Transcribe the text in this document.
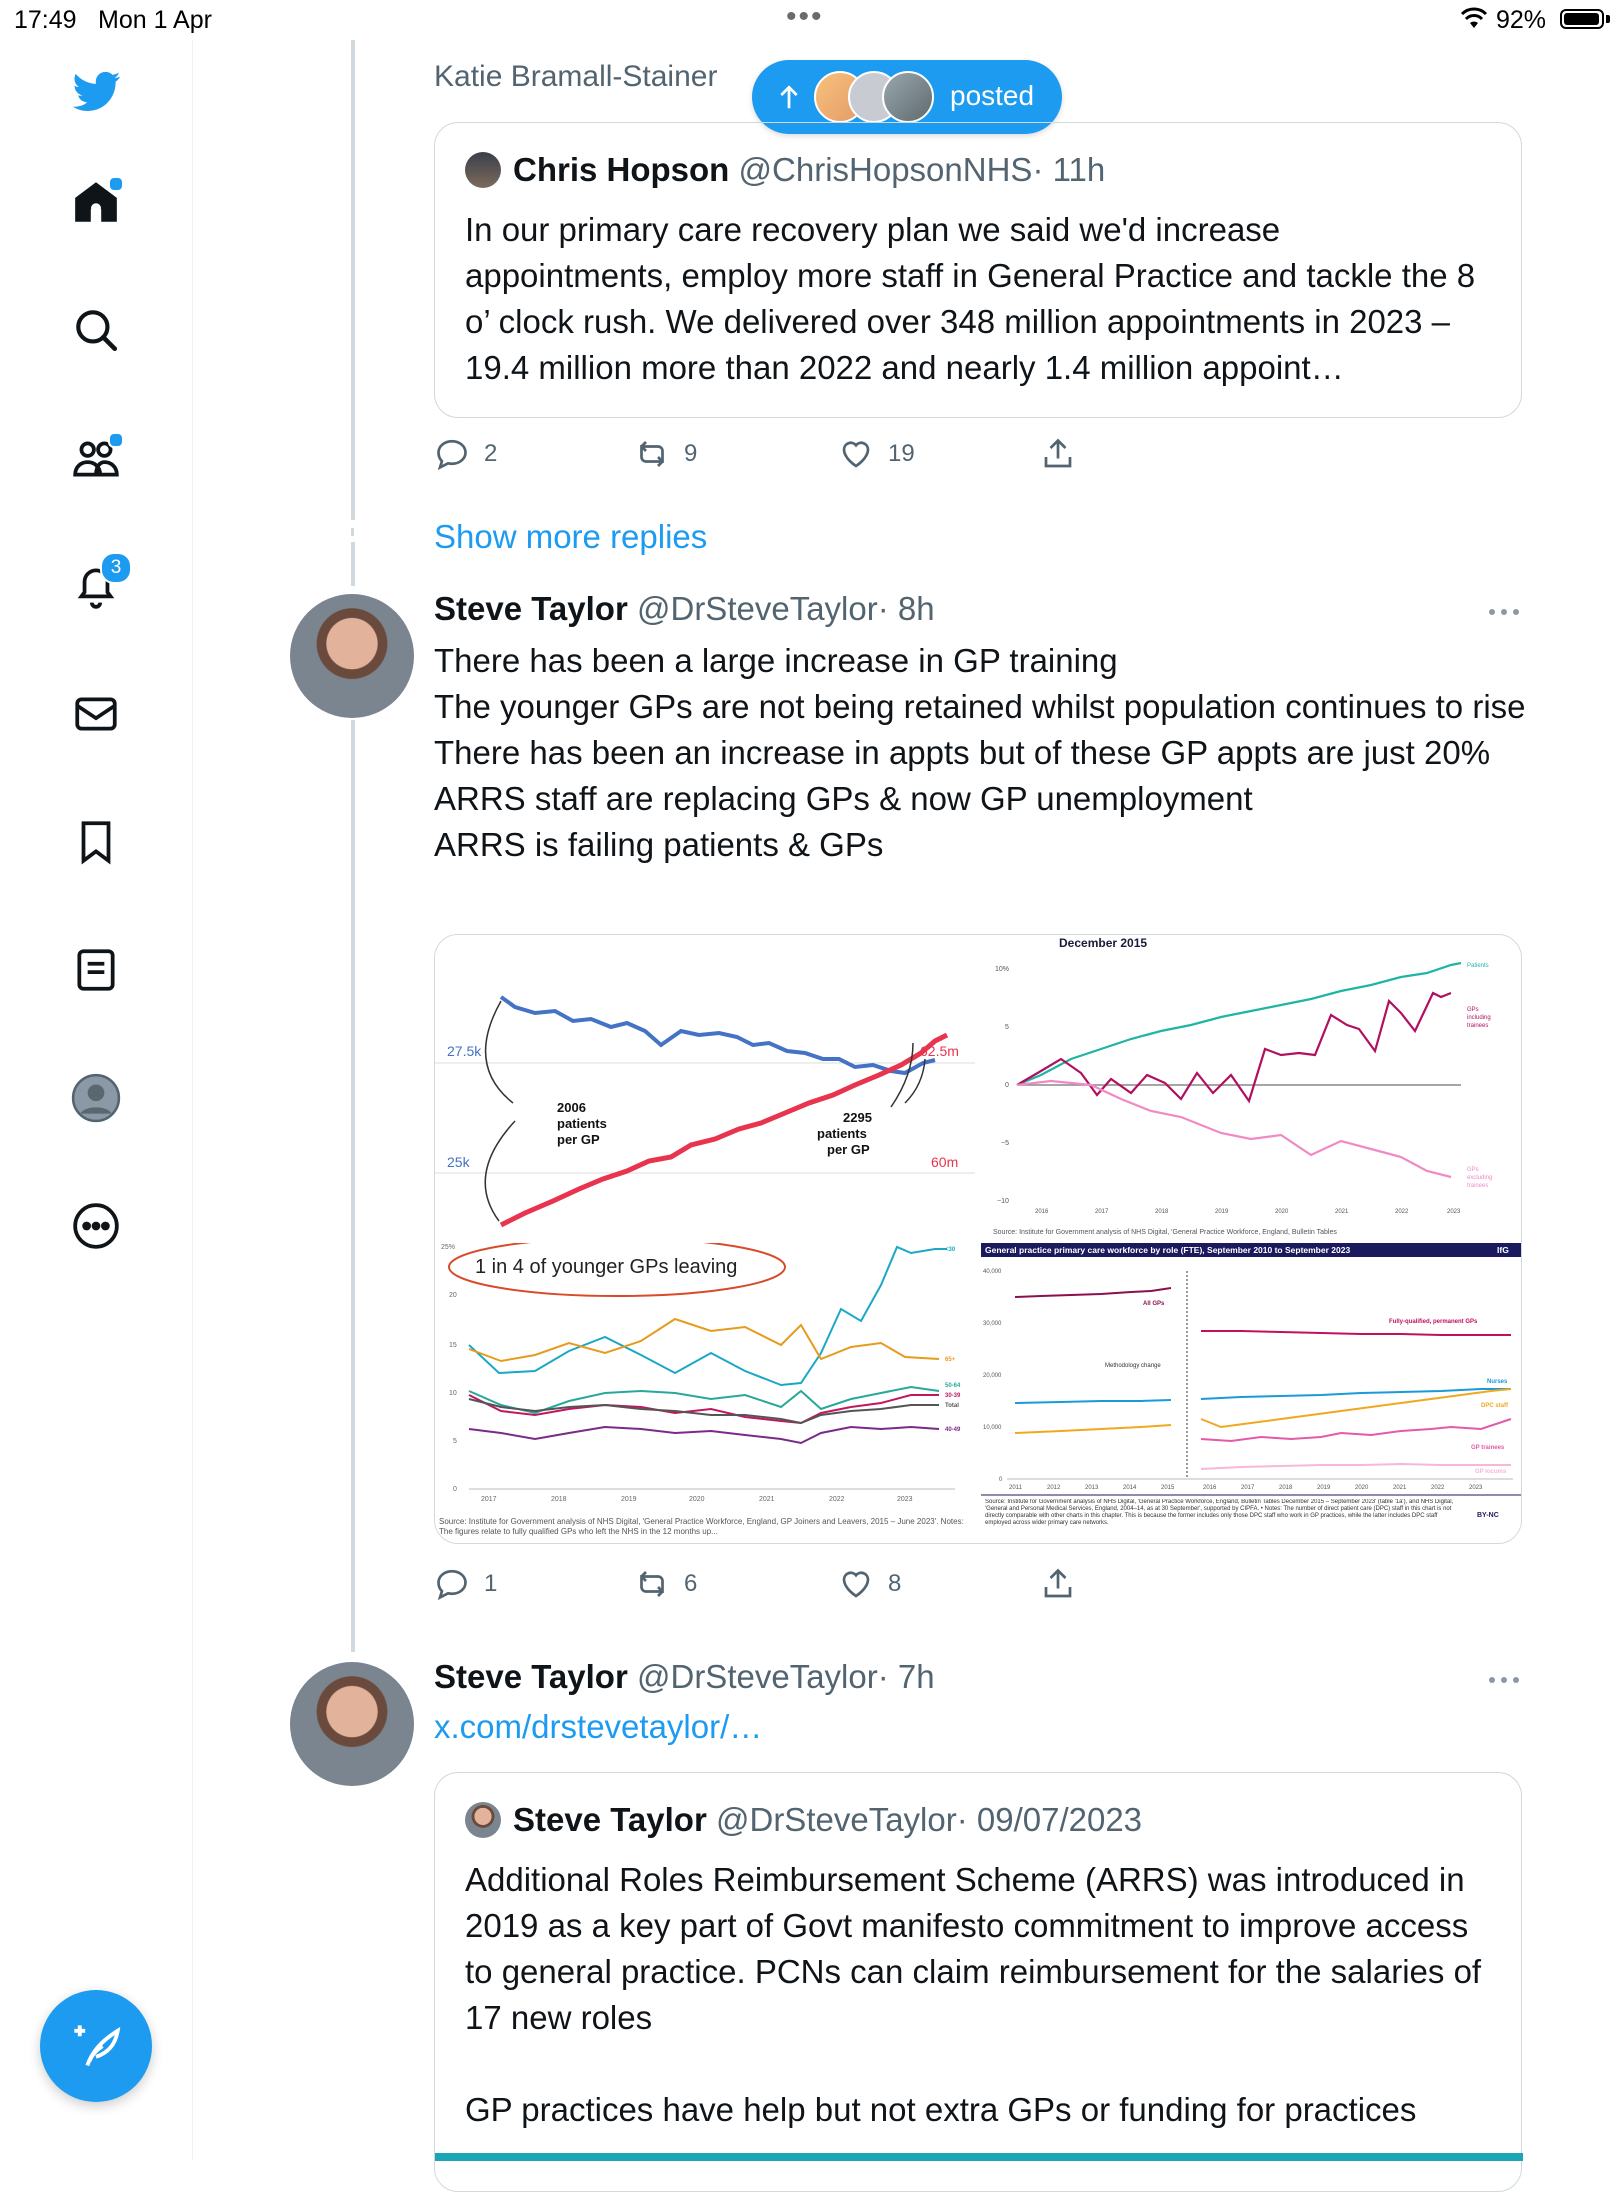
17:49 Mon 1 Apr	•••	92%
3
Katie Bramall-Stainer
posted
Chris Hopson @ChrisHopsonNHS· 11h
In our primary care recovery plan we said we'd increase appointments, employ more staff in General Practice and tackle the 8 o’ clock rush. We delivered over 348 million appointments in 2023 – 19.4 million more than 2022 and nearly 1.4 million appoint…
2	9	19
Show more replies
Steve Taylor @DrSteveTaylor· 8h
There has been a large increase in GP training
The younger GPs are not being retained whilst population continues to rise
There has been an increase in appts but of these GP appts are just 20%
ARRS staff are replacing GPs & now GP unemployment
ARRS is failing patients & GPs
27.5k
25k
62.5m
60m
2006 patients per GP
2295 patients per GP
December 2015
10%
5
0
−5
−10
Patients
GPs including trainees
GPs excluding trainees
2016	2017	2018	2019	2020	2021	2022	2023
Source: Institute for Government analysis of NHS Digital, 'General Practice Workforce, England, Bulletin Tables
25%
20
15
10
5
0
1 in 4 of younger GPs leaving
<30
65+
50-64
30-39
Total
40-49
2017	2018	2019	2020	2021	2022	2023
Source: Institute for Government analysis of NHS Digital, 'General Practice Workforce, England, GP Joiners and Leavers, 2015 – June 2023'. Notes: The figures relate to fully qualified GPs who left the NHS in the 12 months up...
General practice primary care workforce by role (FTE), September 2010 to September 2023	IfG
40,000
30,000
20,000
10,000
0
Methodology change
All GPs
Fully-qualified, permanent GPs
Nurses
DPC staff
GP trainees
GP locums
2011	2012	2013	2014	2015	2016	2017	2018	2019	2020	2021	2022	2023
Source: Institute for Government analysis of NHS Digital, 'General Practice Workforce, England, Bulletin Tables December 2015 – September 2023' (table '1a'), and NHS Digital, 'General and Personal Medical Services, England, 2004–14, as at 30 September', supported by CIPFA. • Notes: The number of direct patient care (DPC) staff in this chart is not directly comparable with other charts in this chapter. This is because the former includes only those DPC staff who work in GP practices, while the latter includes DPC staff employed across wider primary care networks.
BY-NC
1	6	8
Steve Taylor @DrSteveTaylor· 7h
x.com/drstevetaylor/…
Steve Taylor @DrSteveTaylor· 09/07/2023
Additional Roles Reimbursement Scheme (ARRS) was introduced in 2019 as a key part of Govt manifesto commitment to improve access to general practice. PCNs can claim reimbursement for the salaries of 17 new roles
GP practices have help but not extra GPs or funding for practices
